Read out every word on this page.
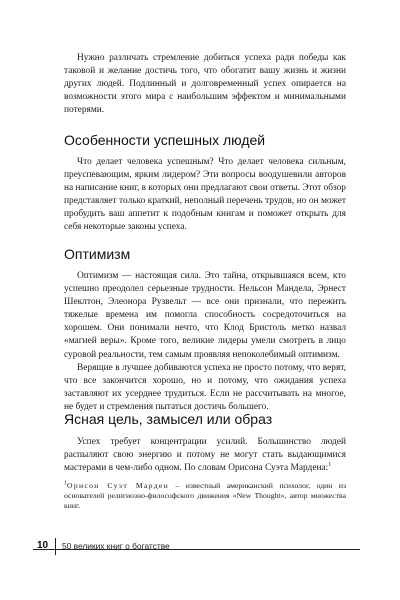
Нужно различать стремление добиться успеха ради победы как таковой и желание достичь того, что обогатит вашу жизнь и жизни других людей. Подлинный и долговременный успех опирается на возможности этого мира с наибольшим эффектом и минимальными потерями.

Особенности успешных людей

Что делает человека успешным? Что делает человека сильным, преуспевающим, ярким лидером? Эти вопросы воодушевили авторов на написание книг, в которых они предлагают свои ответы. Этот обзор представляет только краткий, неполный перечень трудов, но он может пробудить ваш аппетит к подобным книгам и поможет открыть для себя некоторые законы успеха.

Оптимизм

Оптимизм — настоящая сила. Это тайна, открывшаяся всем, кто успешно преодолел серьезные трудности. Нельсон Мандела, Эрнест Шеклтон, Элеонора Рузвельт — все они признали, что пережить тяжелые времена им помогла способность сосредоточиться на хорошем. Они понимали нечто, что Клод Бристоль метко назвал «магией веры». Кроме того, великие лидеры умели смотреть в лицо суровой реальности, тем самым проявляя непоколебимый оптимизм.

Верящие в лучшее добиваются успеха не просто потому, что верят, что все закончится хорошо, но и потому, что ожидания успеха заставляют их усерднее трудиться. Если не рассчитывать на многое, не будет и стремления пытаться достичь большего.

Ясная цель, замысел или образ

Успех требует концентрации усилий. Большинство людей распыляют свою энергию и потому не могут стать выдающимися мастерами в чем-либо одном. По словам Орисона Суэта Марденa:$^1$

$^1$Орисон Суэт Марден – известный американский психолог, один из основателей религиозно-философского движения «New Thought», автор множества книг.
10 50 великих книг о богатстве
